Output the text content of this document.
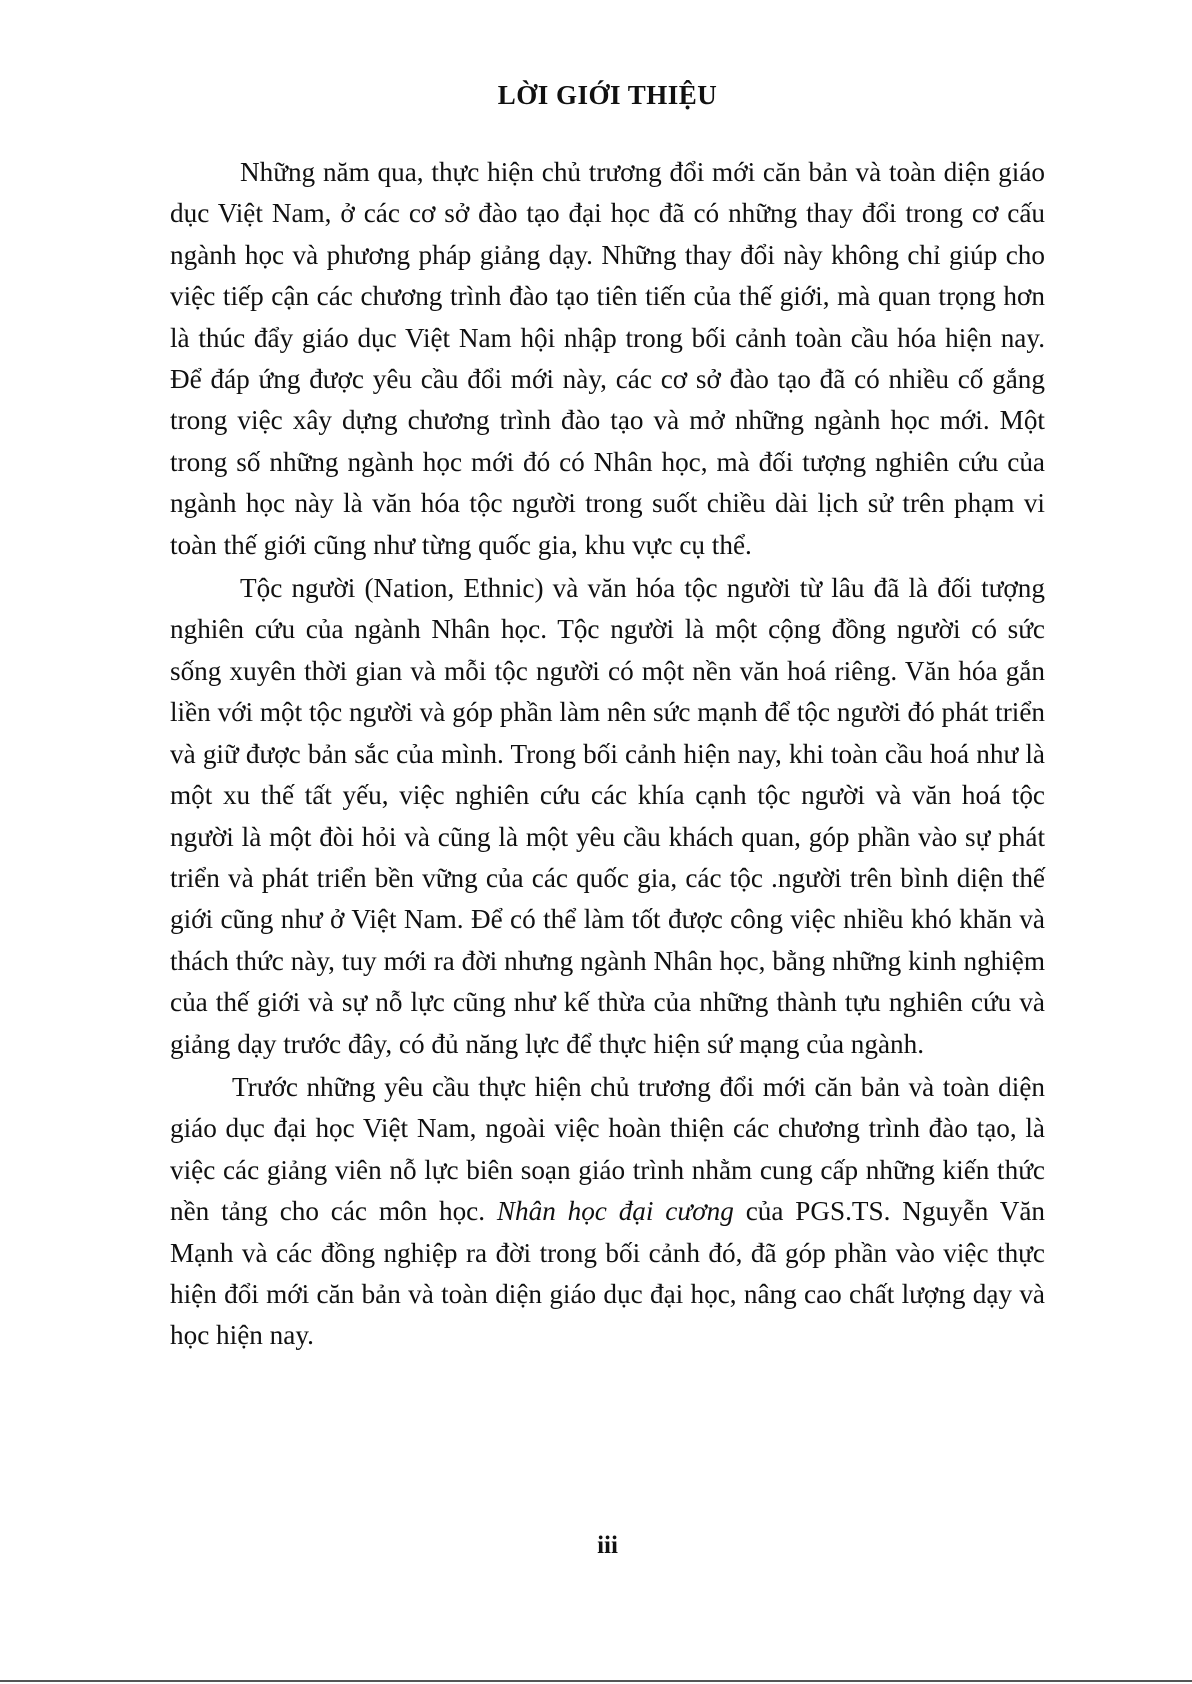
LỜI GIỚI THIỆU

Những năm qua, thực hiện chủ trương đổi mới căn bản và toàn diện giáo dục Việt Nam, ở các cơ sở đào tạo đại học đã có những thay đổi trong cơ cấu ngành học và phương pháp giảng dạy. Những thay đổi này không chỉ giúp cho việc tiếp cận các chương trình đào tạo tiên tiến của thế giới, mà quan trọng hơn là thúc đẩy giáo dục Việt Nam hội nhập trong bối cảnh toàn cầu hóa hiện nay. Để đáp ứng được yêu cầu đổi mới này, các cơ sở đào tạo đã có nhiều cố gắng trong việc xây dựng chương trình đào tạo và mở những ngành học mới. Một trong số những ngành học mới đó có Nhân học, mà đối tượng nghiên cứu của ngành học này là văn hóa tộc người trong suốt chiều dài lịch sử trên phạm vi toàn thế giới cũng như từng quốc gia, khu vực cụ thể.

Tộc người (Nation, Ethnic) và văn hóa tộc người từ lâu đã là đối tượng nghiên cứu của ngành Nhân học. Tộc người là một cộng đồng người có sức sống xuyên thời gian và mỗi tộc người có một nền văn hoá riêng. Văn hóa gắn liền với một tộc người và góp phần làm nên sức mạnh để tộc người đó phát triển và giữ được bản sắc của mình. Trong bối cảnh hiện nay, khi toàn cầu hoá như là một xu thế tất yếu, việc nghiên cứu các khía cạnh tộc người và văn hoá tộc người là một đòi hỏi và cũng là một yêu cầu khách quan, góp phần vào sự phát triển và phát triển bền vững của các quốc gia, các tộc .người trên bình diện thế giới cũng như ở Việt Nam. Để có thể làm tốt được công việc nhiều khó khăn và thách thức này, tuy mới ra đời nhưng ngành Nhân học, bằng những kinh nghiệm của thế giới và sự nỗ lực cũng như kế thừa của những thành tựu nghiên cứu và giảng dạy trước đây, có đủ năng lực để thực hiện sứ mạng của ngành.

Trước những yêu cầu thực hiện chủ trương đổi mới căn bản và toàn diện giáo dục đại học Việt Nam, ngoài việc hoàn thiện các chương trình đào tạo, là việc các giảng viên nỗ lực biên soạn giáo trình nhằm cung cấp những kiến thức nền tảng cho các môn học. Nhân học đại cương của PGS.TS. Nguyễn Văn Mạnh và các đồng nghiệp ra đời trong bối cảnh đó, đã góp phần vào việc thực hiện đổi mới căn bản và toàn diện giáo dục đại học, nâng cao chất lượng dạy và học hiện nay.

iii
